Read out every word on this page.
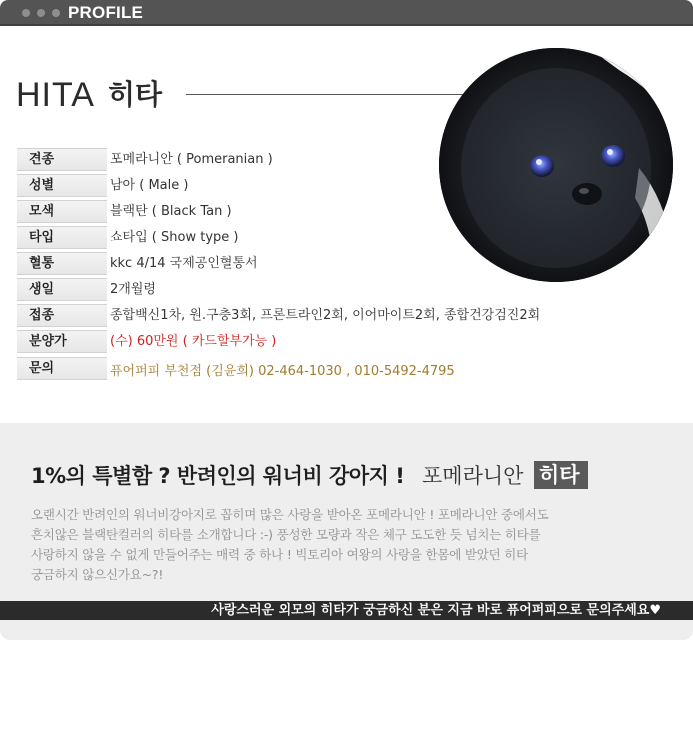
PROFILE
HITA 히타
견종	포메라니안 ( Pomeranian )
성별	남아 ( Male )
모색	블랙탄 ( Black Tan )
타입	쇼타입 ( Show type )
혈통	kkc 4/14 국제공인혈통서
생일	2개월령
접종	종합백신1차, 원.구충3회, 프론트라인2회, 이어마이트2회, 종합건강검진2회
분양가	(수) 60만원 ( 카드할부가능 )
문의	퓨어퍼피 부천점 (김윤희) 02-464-1030 , 010-5492-4795
1%의 특별함 ? 반려인의 워너비 강아지 ! 포메라니안 히타
오랜시간 반려인의 워너비강아지로 꼽히며 많은 사랑을 받아온 포메라니안 ! 포메라니안 중에서도
흔치않은 블랙탄컬러의 히타를 소개합니다 :-) 풍성한 모량과 작은 체구 도도한 듯 넘치는 히타를
사랑하지 않을 수 없게 만들어주는 매력 중 하나 ! 빅토리아 여왕의 사랑을 한몸에 받았던 히타
궁금하지 않으신가요~?!
사랑스러운 외모의 히타가 궁금하신 분은 지금 바로 퓨어퍼피으로 문의주세요♥
